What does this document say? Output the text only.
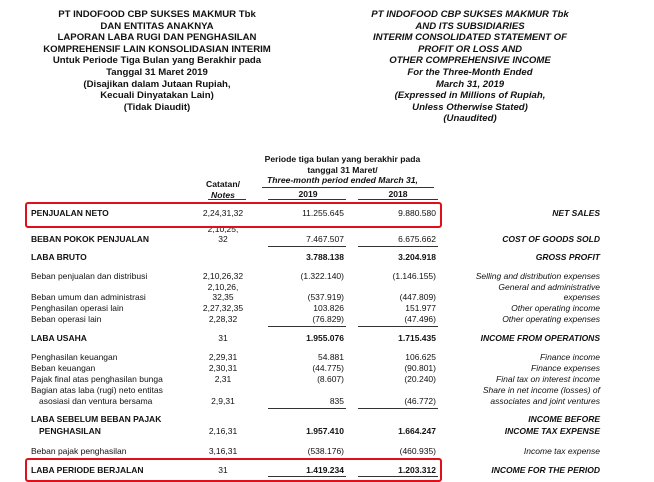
PT INDOFOOD CBP SUKSES MAKMUR Tbk
DAN ENTITAS ANAKNYA
LAPORAN LABA RUGI DAN PENGHASILAN
KOMPREHENSIF LAIN KONSOLIDASIAN INTERIM
Untuk Periode Tiga Bulan yang Berakhir pada
Tanggal 31 Maret 2019
(Disajikan dalam Jutaan Rupiah,
Kecuali Dinyatakan Lain)
(Tidak Diaudit)
PT INDOFOOD CBP SUKSES MAKMUR Tbk
AND ITS SUBSIDIARIES
INTERIM CONSOLIDATED STATEMENT OF
PROFIT OR LOSS AND
OTHER COMPREHENSIVE INCOME
For the Three-Month Ended
March 31, 2019
(Expressed in Millions of Rupiah,
Unless Otherwise Stated)
(Unaudited)
Periode tiga bulan yang berakhir pada
tanggal 31 Maret/
Three-month period ended March 31,
Catatan/
Notes	2019	2018
PENJUALAN NETO	2,24,31,32	11.255.645	9.880.580	NET SALES
2,10,25,
BEBAN POKOK PENJUALAN	32	7.467.507	6.675.662	COST OF GOODS SOLD
LABA BRUTO	3.788.138	3.204.918	GROSS PROFIT
Beban penjualan dan distribusi	2,10,26,32	(1.322.140)	(1.146.155)	Selling and distribution expenses
2,10,26,	General and administrative
Beban umum dan administrasi	32,35	(537.919)	(447.809)	expenses
Penghasilan operasi lain	2,27,32,35	103.826	151.977	Other operating income
Beban operasi lain	2,28,32	(76.829)	(47.496)	Other operating expenses
LABA USAHA	31	1.955.076	1.715.435	INCOME FROM OPERATIONS
Penghasilan keuangan	2,29,31	54.881	106.625	Finance income
Beban keuangan	2,30,31	(44.775)	(90.801)	Finance expenses
Pajak final atas penghasilan bunga	2,31	(8.607)	(20.240)	Final tax on interest income
Bagian atas laba (rugi) neto entitas	Share in net income (losses) of
asosiasi dan ventura bersama	2,9,31	835	(46.772)	associates and joint ventures
LABA SEBELUM BEBAN PAJAK	INCOME BEFORE
PENGHASILAN	2,16,31	1.957.410	1.664.247	INCOME TAX EXPENSE
Beban pajak penghasilan	3,16,31	(538.176)	(460.935)	Income tax expense
LABA PERIODE BERJALAN	31	1.419.234	1.203.312	INCOME FOR THE PERIOD
